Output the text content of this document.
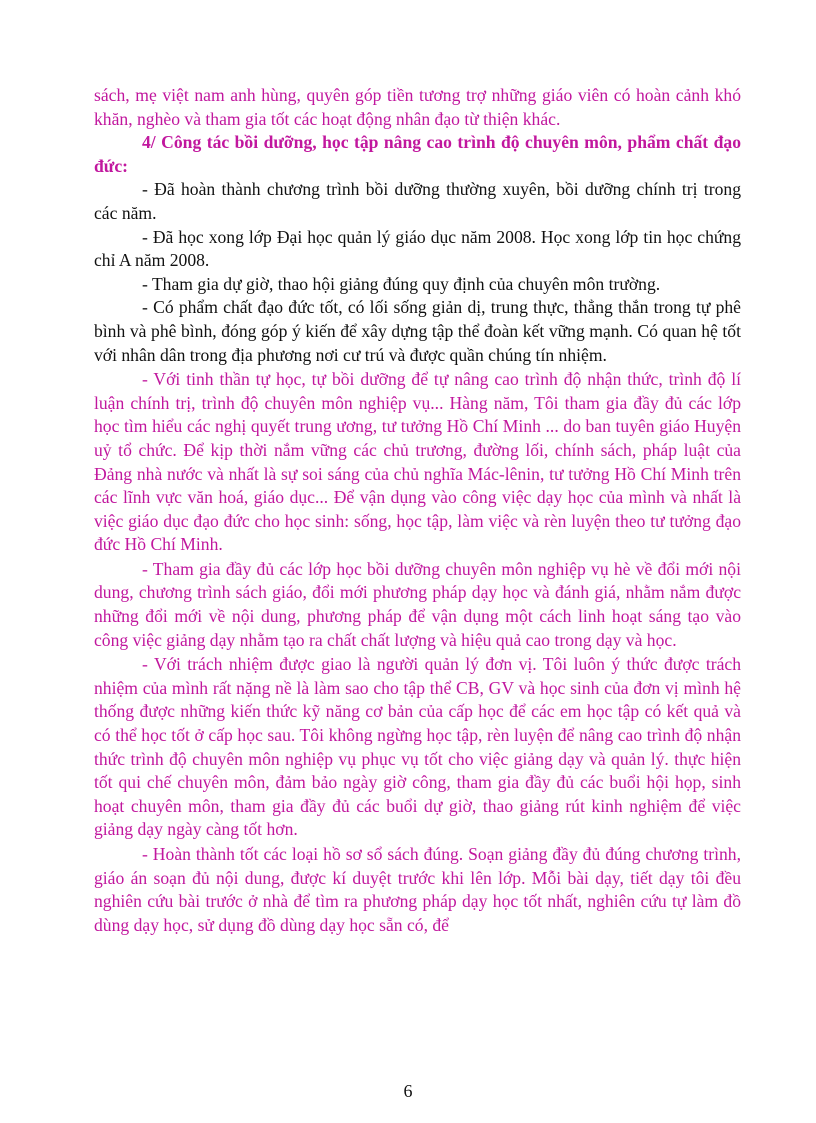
sách, mẹ việt nam anh hùng, quyên góp tiền tương trợ những giáo viên có hoàn cảnh khó khăn, nghèo và tham gia tốt các hoạt động nhân đạo từ thiện khác.

4/ Công tác bồi dưỡng, học tập nâng cao trình độ chuyên môn, phẩm chất đạo đức:

- Đã hoàn thành chương trình bồi dưỡng thường xuyên, bồi dưỡng chính trị trong các năm.

- Đã học xong lớp Đại học quản lý giáo dục năm 2008. Học xong lớp tin học chứng chỉ A năm 2008.

- Tham gia dự giờ, thao hội giảng đúng quy định của chuyên môn trường.

- Có phẩm chất đạo đức tốt, có lối sống giản dị, trung thực, thẳng thắn trong tự phê bình và phê bình, đóng góp ý kiến để xây dựng tập thể đoàn kết vững mạnh. Có quan hệ tốt với nhân dân trong địa phương nơi cư trú và được quần chúng tín nhiệm.

- Với tinh thần tự học, tự bồi dưỡng để tự nâng cao trình độ nhận thức, trình độ lí luận chính trị, trình độ chuyên môn nghiệp vụ... Hàng năm, Tôi tham gia đầy đủ các lớp học tìm hiểu các nghị quyết trung ương, tư tưởng Hồ Chí Minh ... do ban tuyên giáo Huyện uỷ tổ chức. Để kịp thời nắm vững các chủ trương, đường lối, chính sách, pháp luật của Đảng nhà nước và nhất là sự soi sáng của chủ nghĩa Mác-lênin, tư tưởng Hồ Chí Minh trên các lĩnh vực văn hoá, giáo dục... Để vận dụng vào công việc dạy học của mình và nhất là việc giáo dục đạo đức cho học sinh: sống, học tập, làm việc và rèn luyện theo tư tưởng đạo đức Hồ Chí Minh.

- Tham gia đầy đủ các lớp học bồi dưỡng chuyên môn nghiệp vụ hè về đổi mới nội dung, chương trình sách giáo, đổi mới phương pháp dạy học và đánh giá, nhằm nắm được những đổi mới về nội dung, phương pháp để vận dụng một cách linh hoạt sáng tạo vào công việc giảng dạy nhằm tạo ra chất chất lượng và hiệu quả cao trong dạy và học.

- Với trách nhiệm được giao là người quản lý đơn vị. Tôi luôn ý thức được trách nhiệm của mình rất nặng nề là làm sao cho tập thể CB, GV và học sinh của đơn vị mình hệ thống được những kiến thức kỹ năng cơ bản của cấp học để các em học tập có kết quả và có thể học tốt ở cấp học sau. Tôi không ngừng học tập, rèn luyện để nâng cao trình độ nhận thức trình độ chuyên môn nghiệp vụ phục vụ tốt cho việc giảng dạy và quản lý. thực hiện tốt qui chế chuyên môn, đảm bảo ngày giờ công, tham gia đầy đủ các buổi hội họp, sinh hoạt chuyên môn, tham gia đầy đủ các buổi dự giờ, thao giảng rút kinh nghiệm để việc giảng dạy ngày càng tốt hơn.

- Hoàn thành tốt các loại hồ sơ sổ sách đúng. Soạn giảng đầy đủ đúng chương trình, giáo án soạn đủ nội dung, được kí duyệt trước khi lên lớp. Mỗi bài dạy, tiết dạy tôi đều nghiên cứu bài trước ở nhà để tìm ra phương pháp dạy học tốt nhất, nghiên cứu tự làm đồ dùng dạy học, sử dụng đồ dùng dạy học sẵn có, để

6
